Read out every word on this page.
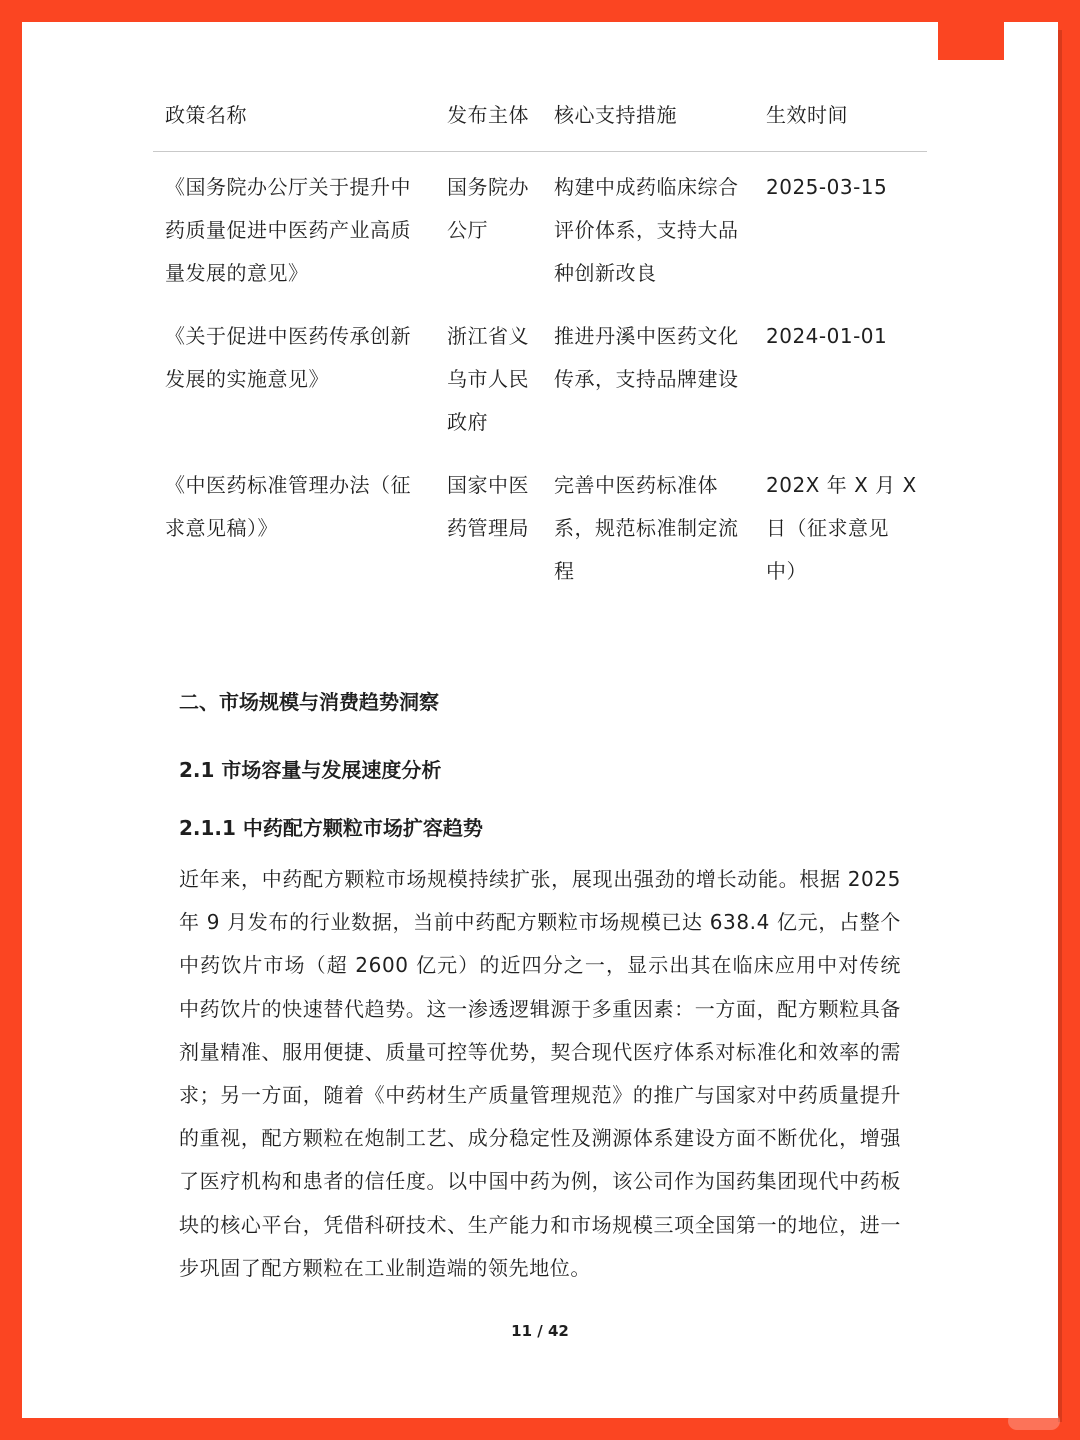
政策名称	发布主体	核心支持措施	生效时间
《国务院办公厅关于提升中药质量促进中医药产业高质量发展的意见》	国务院办公厅	构建中成药临床综合评价体系，支持大品种创新改良	2025-03-15
《关于促进中医药传承创新发展的实施意见》	浙江省义乌市人民政府	推进丹溪中医药文化传承，支持品牌建设	2024-01-01
《中医药标准管理办法（征求意见稿）》	国家中医药管理局	完善中医药标准体系，规范标准制定流程	202X 年 X 月 X 日（征求意见中）
二、市场规模与消费趋势洞察
2.1 市场容量与发展速度分析
2.1.1 中药配方颗粒市场扩容趋势

近年来，中药配方颗粒市场规模持续扩张，展现出强劲的增长动能。根据 2025 年 9 月发布的行业数据，当前中药配方颗粒市场规模已达 638.4 亿元，占整个中药饮片市场（超 2600 亿元）的近四分之一，显示出其在临床应用中对传统中药饮片的快速替代趋势。这一渗透逻辑源于多重因素：一方面，配方颗粒具备剂量精准、服用便捷、质量可控等优势，契合现代医疗体系对标准化和效率的需求；另一方面，随着《中药材生产质量管理规范》的推广与国家对中药质量提升的重视，配方颗粒在炮制工艺、成分稳定性及溯源体系建设方面不断优化，增强了医疗机构和患者的信任度。以中国中药为例，该公司作为国药集团现代中药板块的核心平台，凭借科研技术、生产能力和市场规模三项全国第一的地位，进一步巩固了配方颗粒在工业制造端的领先地位。

11 / 42
